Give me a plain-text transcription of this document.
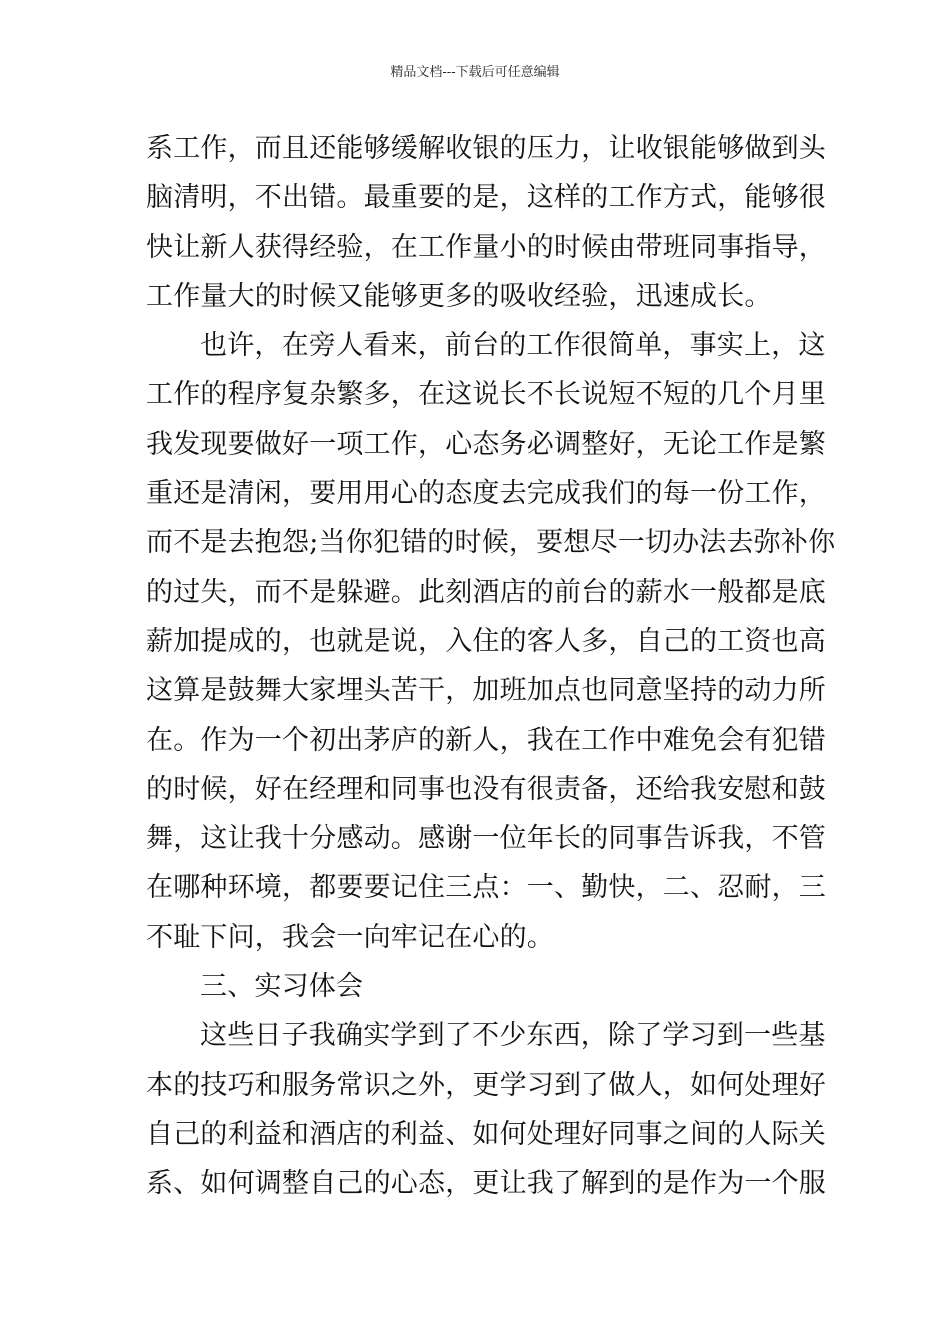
精品文档---下载后可任意编辑
系工作，而且还能够缓解收银的压力，让收银能够做到头
脑清明，不出错。最重要的是，这样的工作方式，能够很
快让新人获得经验，在工作量小的时候由带班同事指导，
工作量大的时候又能够更多的吸收经验，迅速成长。
也许，在旁人看来，前台的工作很简单，事实上，这
工作的程序复杂繁多，在这说长不长说短不短的几个月里
我发现要做好一项工作，心态务必调整好，无论工作是繁
重还是清闲，要用用心的态度去完成我们的每一份工作，
而不是去抱怨;当你犯错的时候，要想尽一切办法去弥补你
的过失，而不是躲避。此刻酒店的前台的薪水一般都是底
薪加提成的，也就是说，入住的客人多，自己的工资也高
这算是鼓舞大家埋头苦干，加班加点也同意坚持的动力所
在。作为一个初出茅庐的新人，我在工作中难免会有犯错
的时候，好在经理和同事也没有很责备，还给我安慰和鼓
舞，这让我十分感动。感谢一位年长的同事告诉我，不管
在哪种环境，都要要记住三点：一、勤快，二、忍耐，三
不耻下问，我会一向牢记在心的。
三、实习体会
这些日子我确实学到了不少东西，除了学习到一些基
本的技巧和服务常识之外，更学习到了做人，如何处理好
自己的利益和酒店的利益、如何处理好同事之间的人际关
系、如何调整自己的心态，更让我了解到的是作为一个服
